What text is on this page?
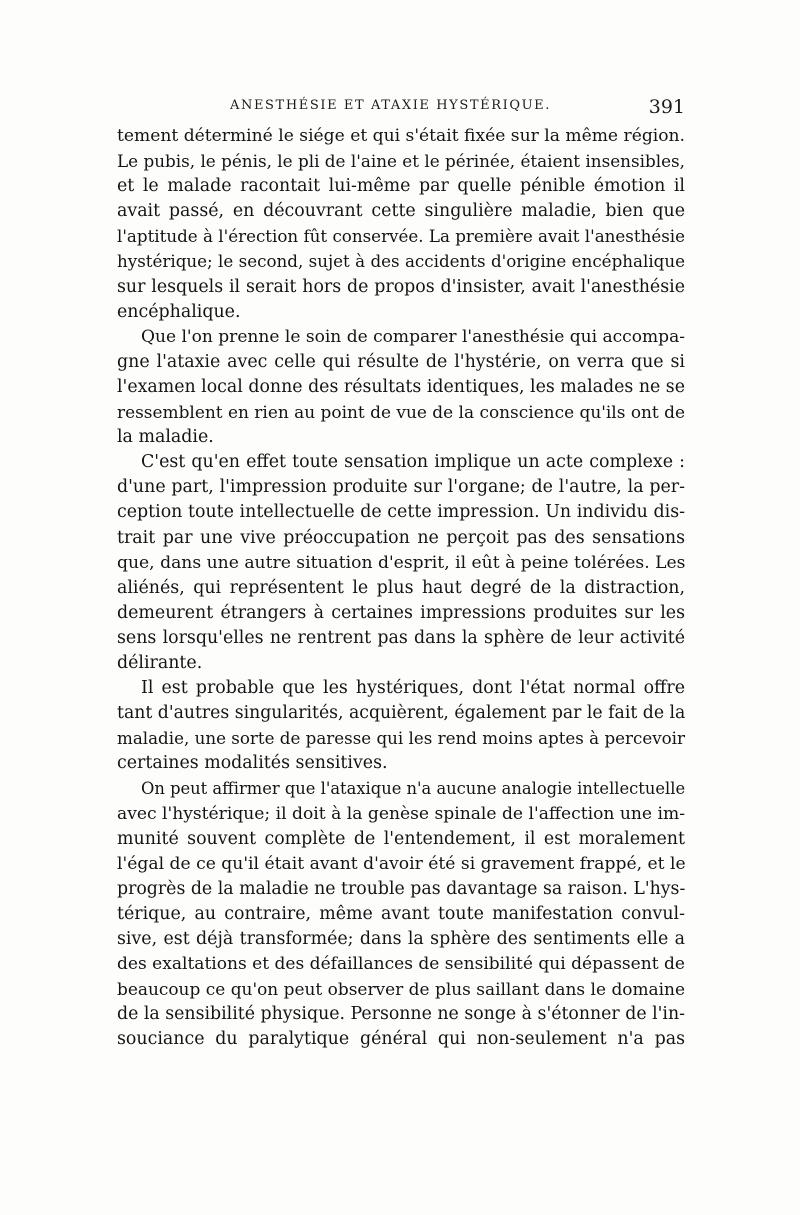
ANESTHÉSIE ET ATAXIE HYSTÉRIQUE.	391
tement déterminé le siége et qui s'était fixée sur la même région.
Le pubis, le pénis, le pli de l'aine et le périnée, étaient insensibles,
et le malade racontait lui-même par quelle pénible émotion il
avait passé, en découvrant cette singulière maladie, bien que
l'aptitude à l'érection fût conservée. La première avait l'anesthésie
hystérique; le second, sujet à des accidents d'origine encéphalique
sur lesquels il serait hors de propos d'insister, avait l'anesthésie
encéphalique.
Que l'on prenne le soin de comparer l'anesthésie qui accompa-
gne l'ataxie avec celle qui résulte de l'hystérie, on verra que si
l'examen local donne des résultats identiques, les malades ne se
ressemblent en rien au point de vue de la conscience qu'ils ont de
la maladie.
C'est qu'en effet toute sensation implique un acte complexe :
d'une part, l'impression produite sur l'organe; de l'autre, la per-
ception toute intellectuelle de cette impression. Un individu dis-
trait par une vive préoccupation ne perçoit pas des sensations
que, dans une autre situation d'esprit, il eût à peine tolérées. Les
aliénés, qui représentent le plus haut degré de la distraction,
demeurent étrangers à certaines impressions produites sur les
sens lorsqu'elles ne rentrent pas dans la sphère de leur activité
délirante.
Il est probable que les hystériques, dont l'état normal offre
tant d'autres singularités, acquièrent, également par le fait de la
maladie, une sorte de paresse qui les rend moins aptes à percevoir
certaines modalités sensitives.
On peut affirmer que l'ataxique n'a aucune analogie intellectuelle
avec l'hystérique; il doit à la genèse spinale de l'affection une im-
munité souvent complète de l'entendement, il est moralement
l'égal de ce qu'il était avant d'avoir été si gravement frappé, et le
progrès de la maladie ne trouble pas davantage sa raison. L'hys-
térique, au contraire, même avant toute manifestation convul-
sive, est déjà transformée; dans la sphère des sentiments elle a
des exaltations et des défaillances de sensibilité qui dépassent de
beaucoup ce qu'on peut observer de plus saillant dans le domaine
de la sensibilité physique. Personne ne songe à s'étonner de l'in-
souciance du paralytique général qui non-seulement n'a pas
